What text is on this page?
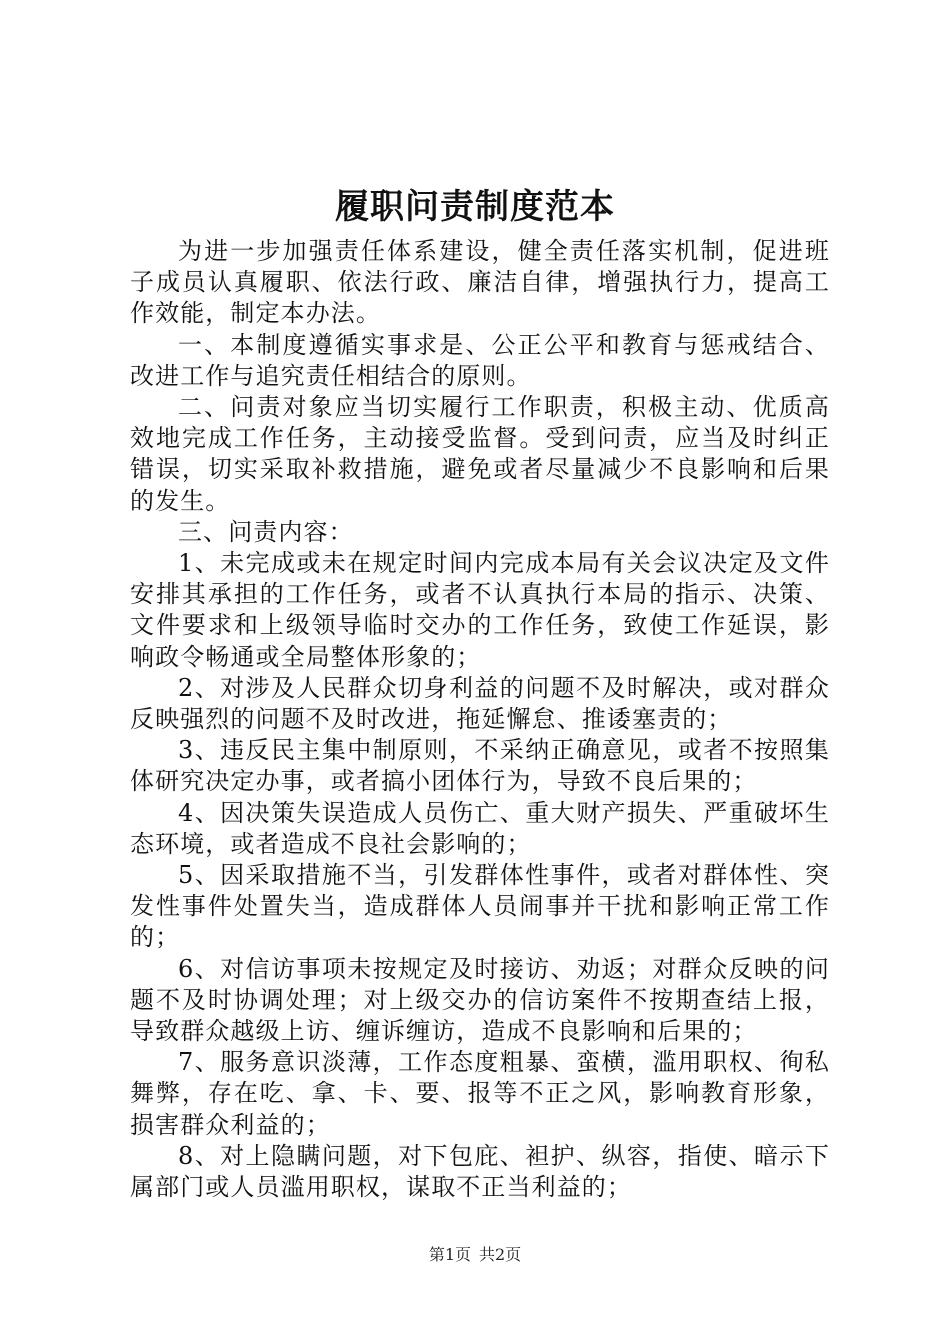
履职问责制度范本

为进一步加强责任体系建设，健全责任落实机制，促进班子成员认真履职、依法行政、廉洁自律，增强执行力，提高工作效能，制定本办法。

一、本制度遵循实事求是、公正公平和教育与惩戒结合、改进工作与追究责任相结合的原则。

二、问责对象应当切实履行工作职责，积极主动、优质高效地完成工作任务，主动接受监督。受到问责，应当及时纠正错误，切实采取补救措施，避免或者尽量减少不良影响和后果的发生。

三、问责内容：

1、未完成或未在规定时间内完成本局有关会议决定及文件安排其承担的工作任务，或者不认真执行本局的指示、决策、文件要求和上级领导临时交办的工作任务，致使工作延误，影响政令畅通或全局整体形象的；

2、对涉及人民群众切身利益的问题不及时解决，或对群众反映强烈的问题不及时改进，拖延懈怠、推诿塞责的；

3、违反民主集中制原则，不采纳正确意见，或者不按照集体研究决定办事，或者搞小团体行为，导致不良后果的；

4、因决策失误造成人员伤亡、重大财产损失、严重破坏生态环境，或者造成不良社会影响的；

5、因采取措施不当，引发群体性事件，或者对群体性、突发性事件处置失当，造成群体人员闹事并干扰和影响正常工作的；

6、对信访事项未按规定及时接访、劝返；对群众反映的问题不及时协调处理；对上级交办的信访案件不按期查结上报，导致群众越级上访、缠诉缠访，造成不良影响和后果的；

7、服务意识淡薄，工作态度粗暴、蛮横，滥用职权、徇私舞弊，存在吃、拿、卡、要、报等不正之风，影响教育形象，损害群众利益的；

8、对上隐瞒问题，对下包庇、袒护、纵容，指使、暗示下属部门或人员滥用职权，谋取不正当利益的；

第1页 共2页
